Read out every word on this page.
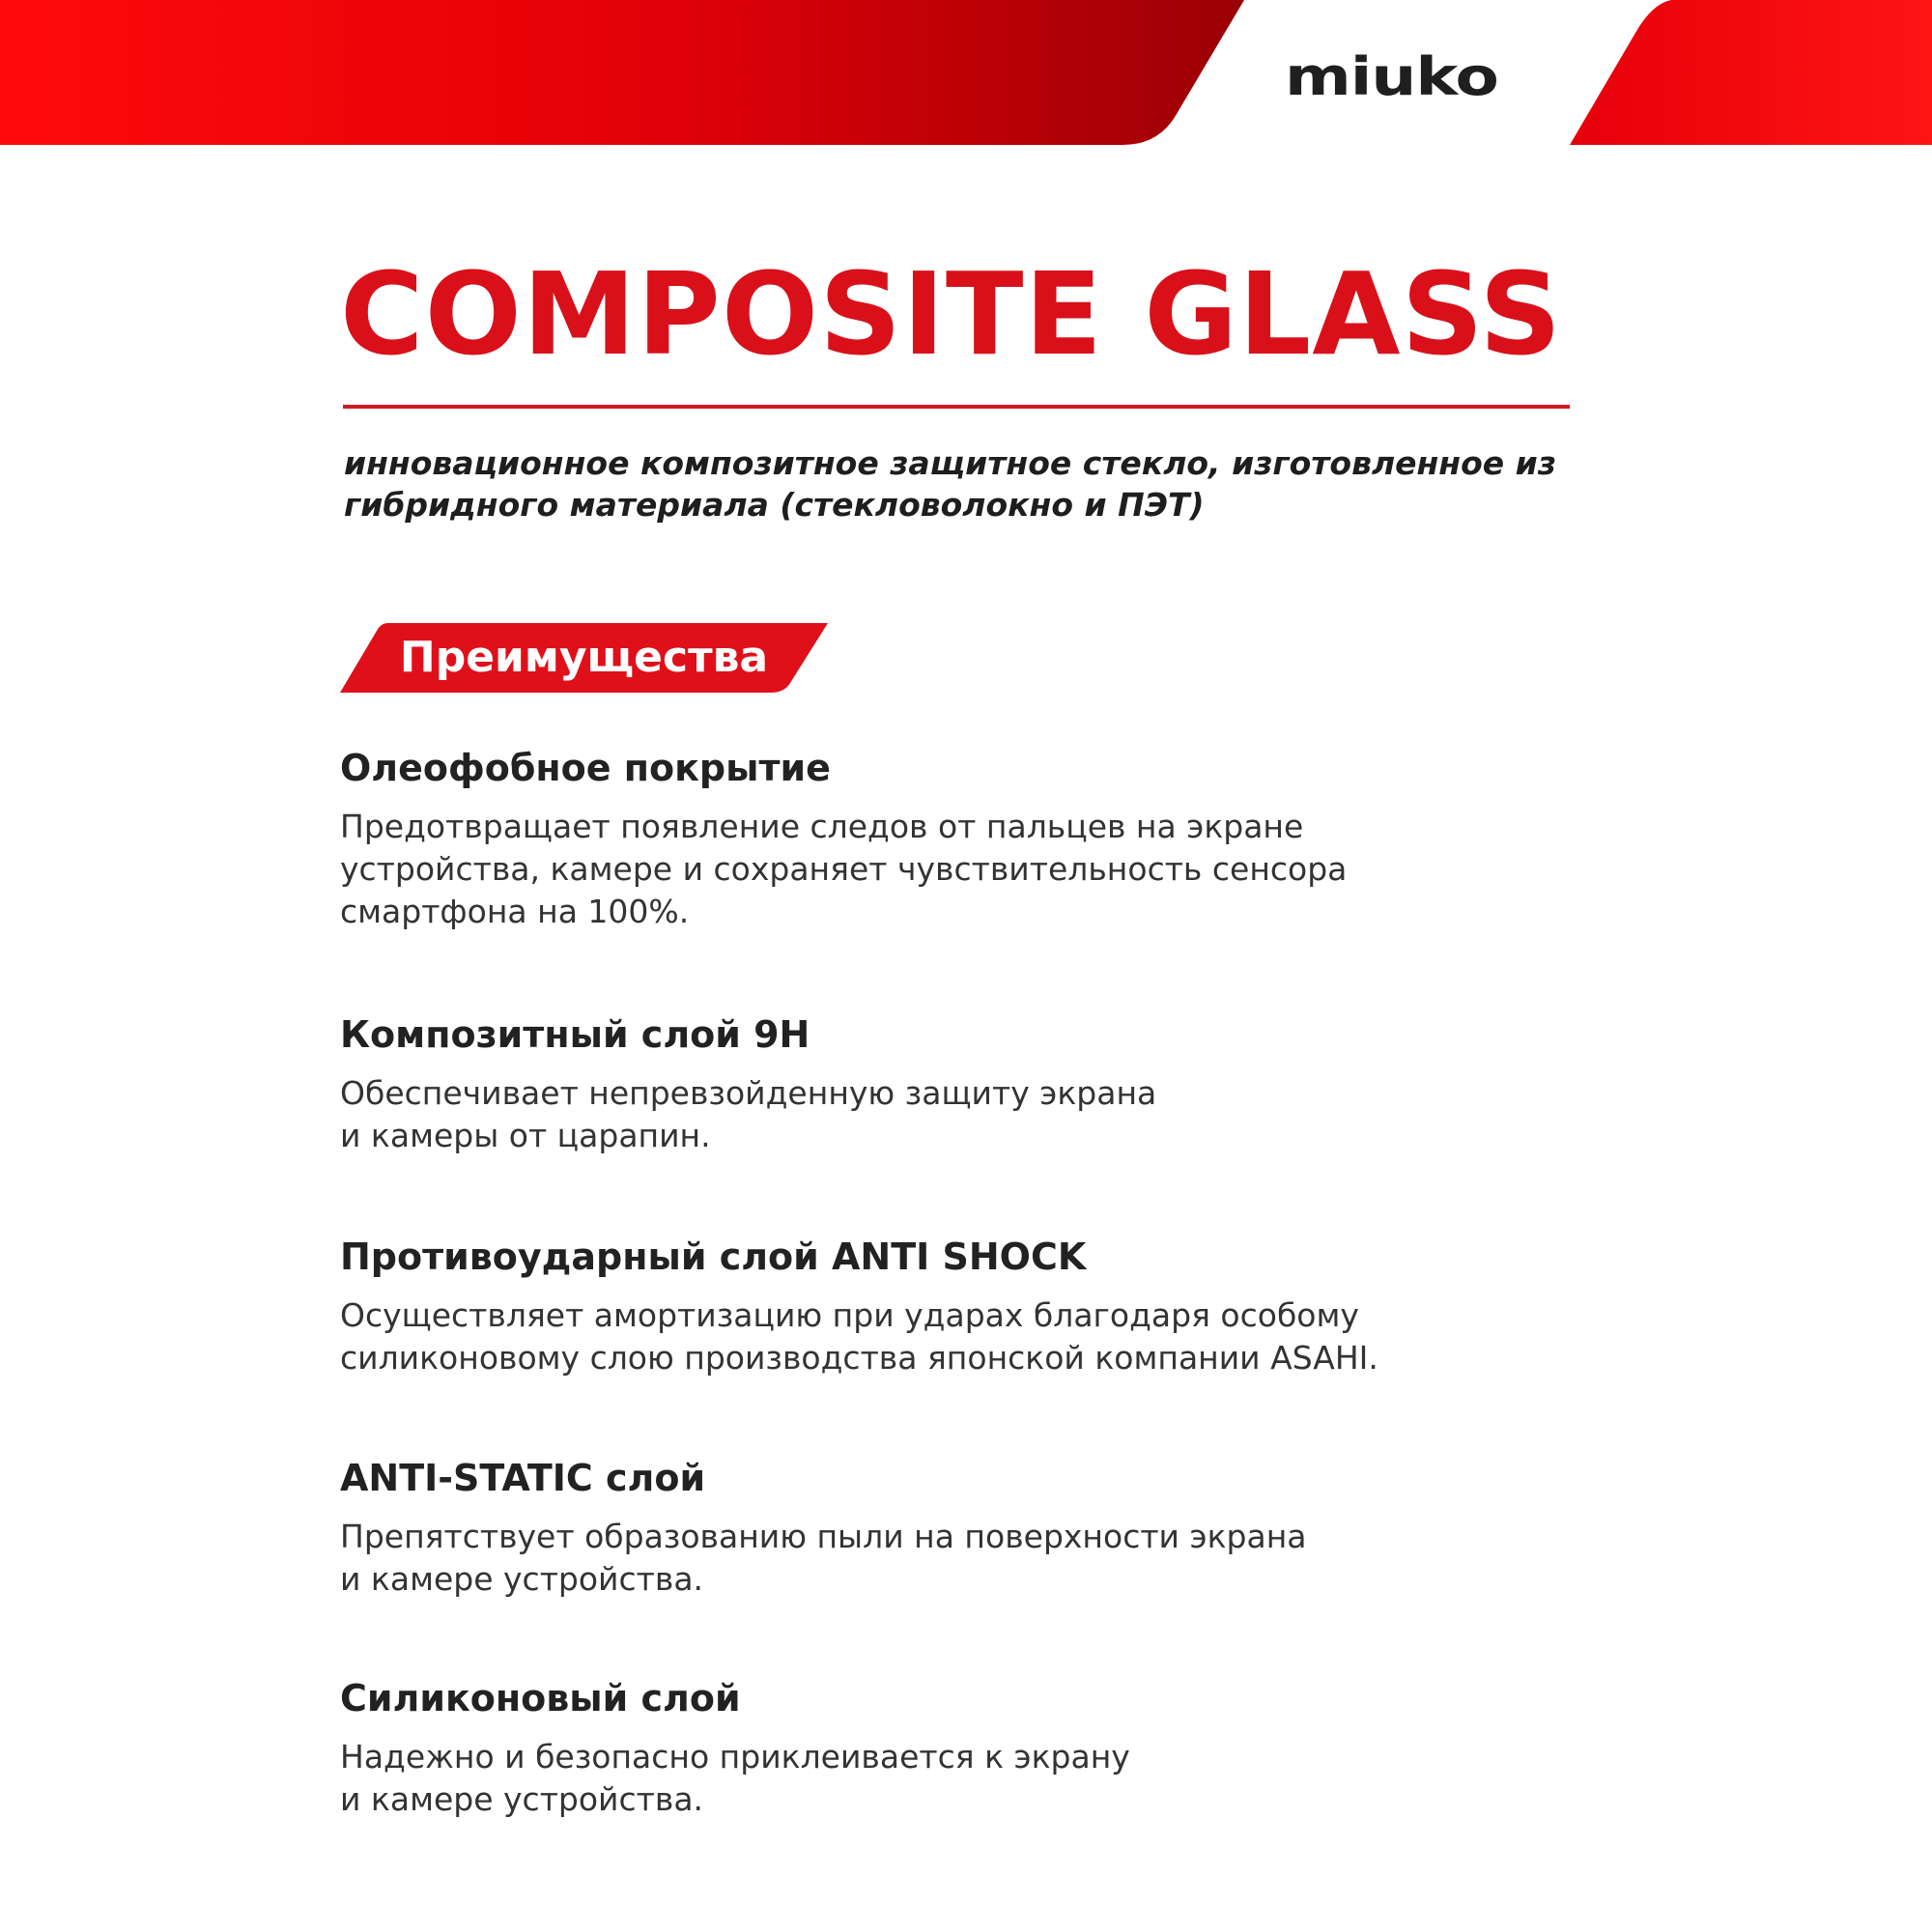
miuko
COMPOSITE GLASS

инновационное композитное защитное стекло, изготовленное из
гибридного материала (стекловолокно и ПЭТ)

Преимущества
Олеофобное покрытие

Предотвращает появление следов от пальцев на экране
устройства, камере и сохраняет чувствительность сенсора
смартфона на 100%.

Композитный слой 9H

Обеспечивает непревзойденную защиту экрана
и камеры от царапин.

Противоударный слой ANTI SHOCK

Осуществляет амортизацию при ударах благодаря особому
силиконовому слою производства японской компании ASAHI.

ANTI-STATIC слой

Препятствует образованию пыли на поверхности экрана
и камере устройства.

Силиконовый слой

Надежно и безопасно приклеивается к экрану
и камере устройства.
